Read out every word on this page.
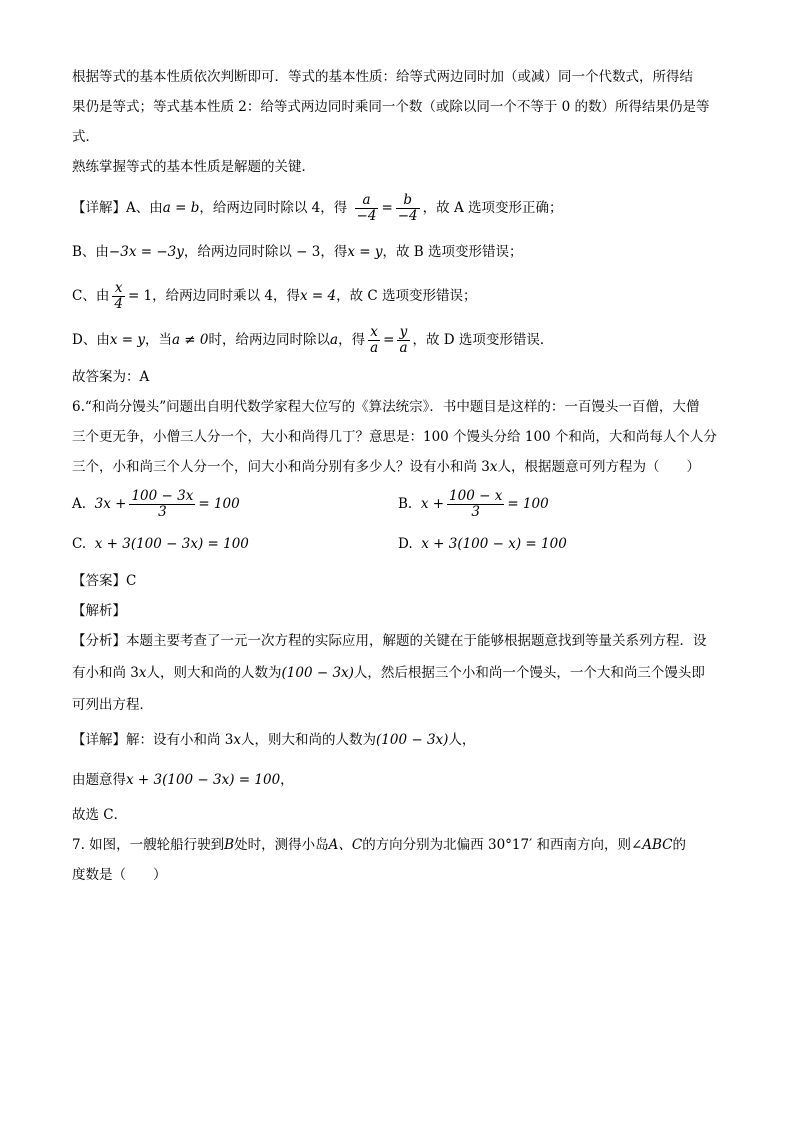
根据等式的基本性质依次判断即可．等式的基本性质：给等式两边同时加（或减）同一个代数式，所得结

果仍是等式；等式基本性质 2：给等式两边同时乘同一个数（或除以同一个不等于 0 的数）所得结果仍是等

式．

熟练掌握等式的基本性质是解题的关键．

【详解】A、由a = b，给两边同时除以 4，得 $\frac{a}{-4} = \frac{b}{-4}$ ，故 A 选项变形正确；

B、由−3x = −3y，给两边同时除以 − 3，得x = y，故 B 选项变形错误；

C、由 $\frac{x}{4} = 1$，给两边同时乘以 4，得x = 4，故 C 选项变形错误；

D、由x = y，当a ≠ 0时，给两边同时除以a，得 $\frac{x}{a} = \frac{y}{a}$ ，故 D 选项变形错误．

故答案为：A

6.“和尚分馒头”问题出自明代数学家程大位写的《算法统宗》．书中题目是这样的：一百馒头一百僧，大僧

三个更无争，小僧三人分一个，大小和尚得几丁？意思是：100 个馒头分给 100 个和尚，大和尚每人个人分

三个，小和尚三个人分一个，问大小和尚分别有多少人？设有小和尚 3x人，根据题意可列方程为（　　）

A. $3x + \frac{100 - 3x}{3} = 100$	B. $x + \frac{100 - x}{3} = 100$
C. x + 3(100 − 3x) = 100	D. x + 3(100 − x) = 100

【答案】C

【解析】

【分析】本题主要考查了一元一次方程的实际应用，解题的关键在于能够根据题意找到等量关系列方程．设

有小和尚 3x人，则大和尚的人数为(100 − 3x)人，然后根据三个小和尚一个馒头，一个大和尚三个馒头即

可列出方程．

【详解】解：设有小和尚 3x人，则大和尚的人数为(100 − 3x)人，

由题意得x + 3(100 − 3x) = 100，

故选 C．

7. 如图，一艘轮船行驶到B处时，测得小岛A、C的方向分别为北偏西 30°17′ 和西南方向，则∠ABC的

度数是（　　）
